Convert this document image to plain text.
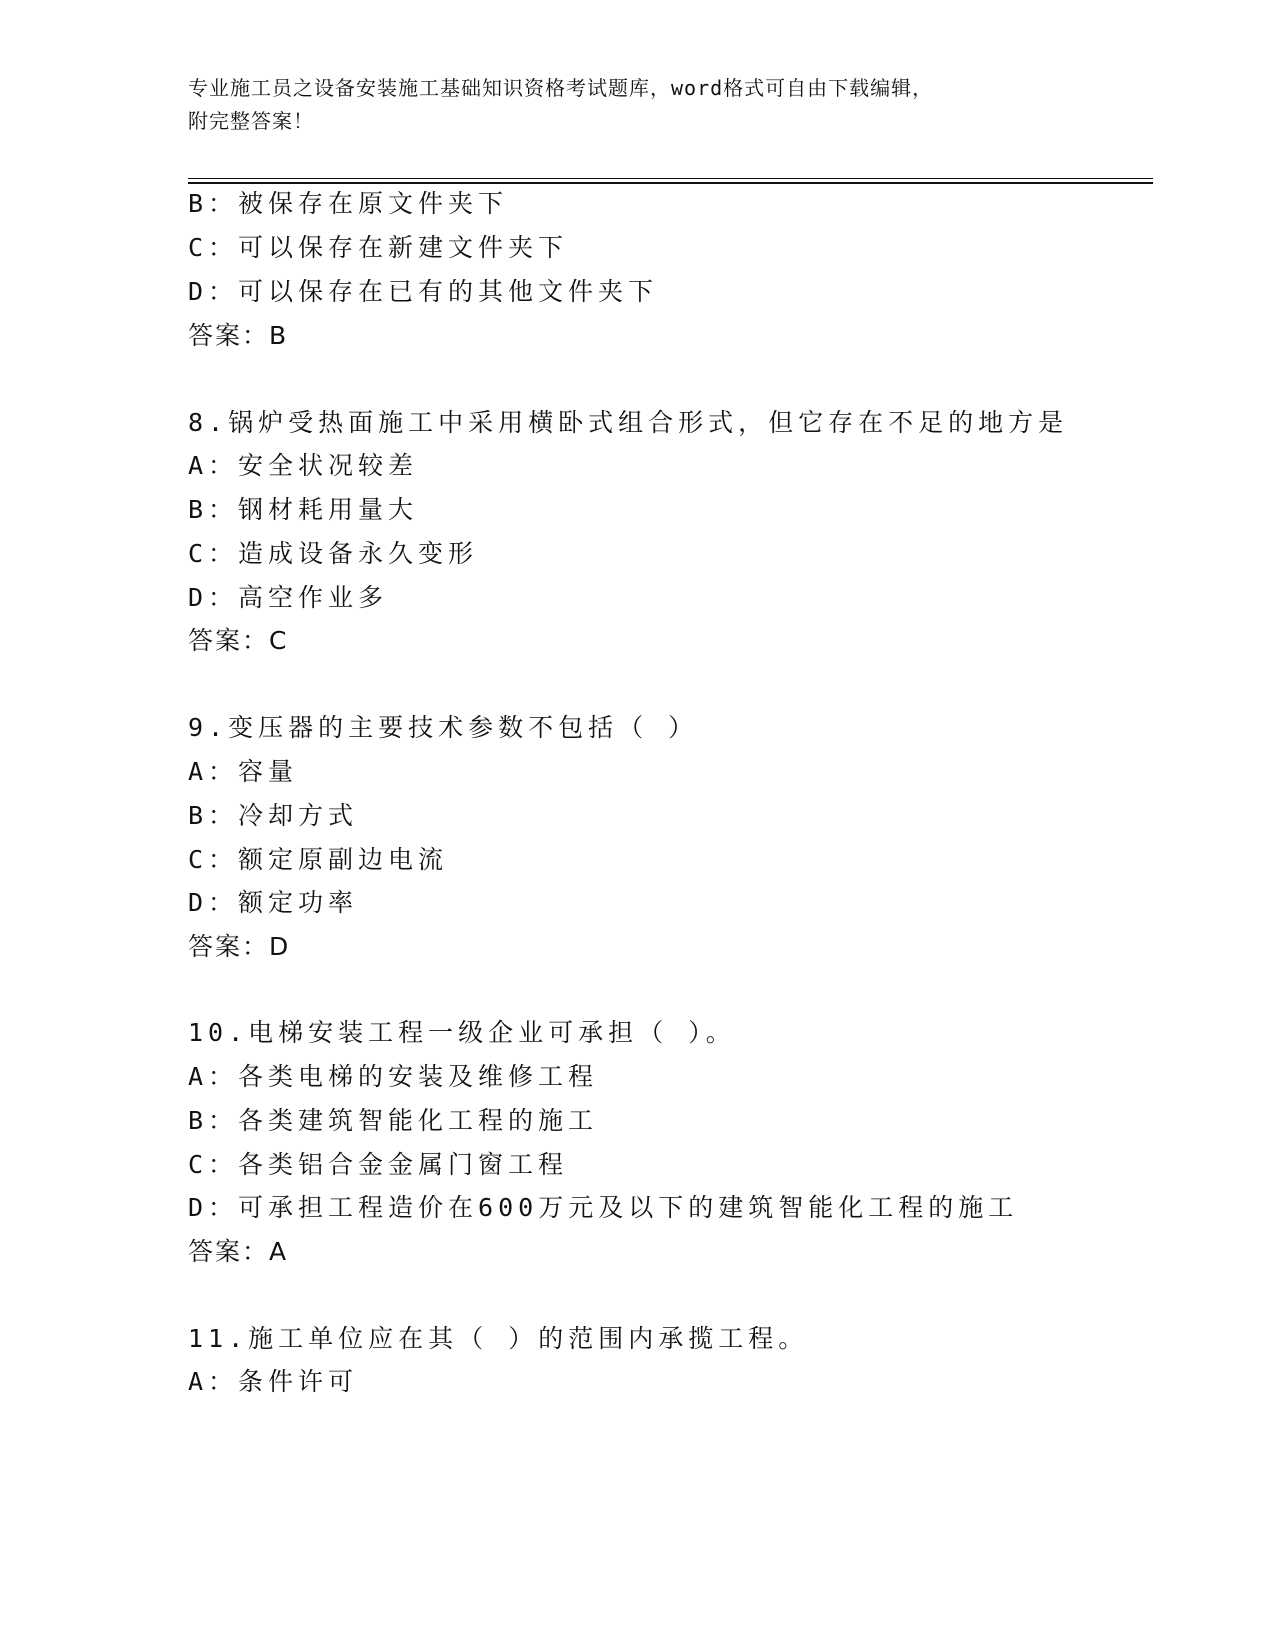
专业施工员之设备安装施工基础知识资格考试题库，word格式可自由下载编辑，
附完整答案！
B：被保存在原文件夹下
C：可以保存在新建文件夹下
D：可以保存在已有的其他文件夹下
答案：B
8.锅炉受热面施工中采用横卧式组合形式，但它存在不足的地方是
A：安全状况较差
B：钢材耗用量大
C：造成设备永久变形
D：高空作业多
答案：C
9.变压器的主要技术参数不包括（ ）
A：容量
B：冷却方式
C：额定原副边电流
D：额定功率
答案：D
10.电梯安装工程一级企业可承担（ ）。
A：各类电梯的安装及维修工程
B：各类建筑智能化工程的施工
C：各类铝合金金属门窗工程
D：可承担工程造价在600万元及以下的建筑智能化工程的施工
答案：A
11.施工单位应在其（ ）的范围内承揽工程。
A：条件许可
